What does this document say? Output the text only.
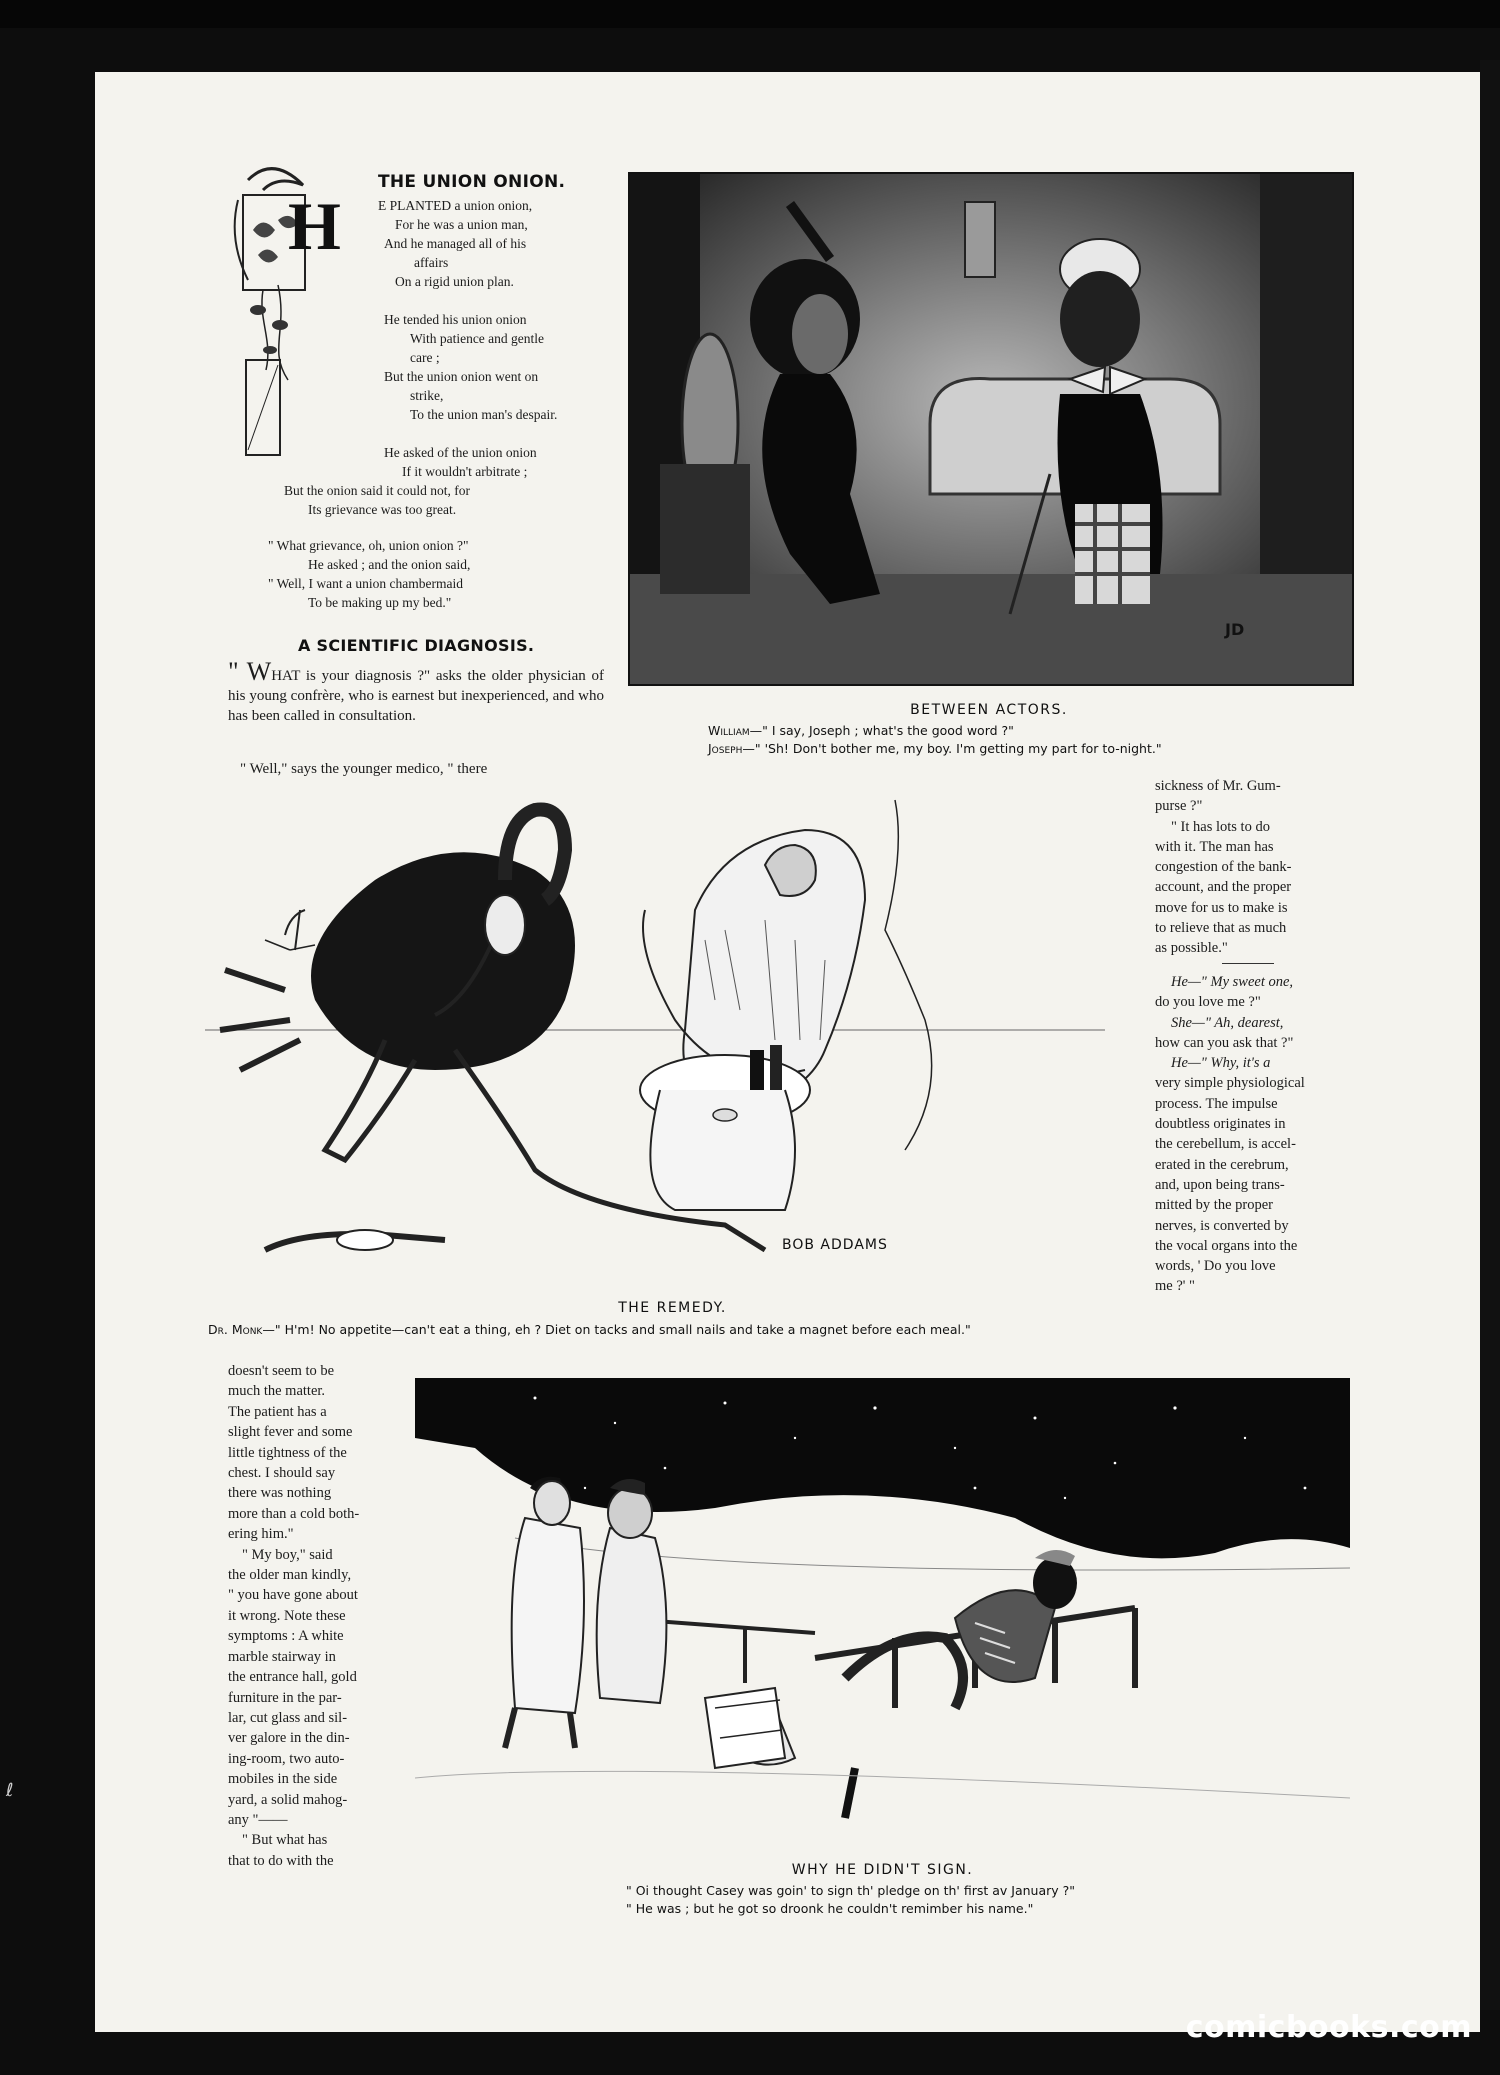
ℓ
H
THE UNION ONION.
E PLANTED a union onion,
For he was a union man,
And he managed all of his
affairs
On a rigid union plan.
He tended his union onion
With patience and gentle
care ;
But the union onion went on
strike,
To the union man's despair.
He asked of the union onion
If it wouldn't arbitrate ;
But the onion said it could not, for
Its grievance was too great.
" What grievance, oh, union onion ?"
He asked ; and the onion said,
" Well, I want a union chambermaid
To be making up my bed."
A SCIENTIFIC DIAGNOSIS.
" WHAT is your diagnosis ?" asks the older physician of his young confrère, who is earnest but inexperienced, and who has been called in consultation.
" Well," says the younger medico, " there
JD
BETWEEN ACTORS.
William—" I say, Joseph ; what's the good word ?"
Joseph—" 'Sh! Don't bother me, my boy. I'm getting my part for to-night."

sickness of Mr. Gum-

purse ?"

" It has lots to do

with it. The man has

congestion of the bank-

account, and the proper

move for us to make is

to relieve that as much

as possible."

He—" My sweet one,

do you love me ?"

She—" Ah, dearest,

how can you ask that ?"

He—" Why, it's a

very simple physiological

process. The impulse

doubtless originates in

the cerebellum, is accel-

erated in the cerebrum,

and, upon being trans-

mitted by the proper

nerves, is converted by

the vocal organs into the

words, ' Do you love

me ?' "

BOB ADDAMS
THE REMEDY.
Dr. Monk—" H'm! No appetite—can't eat a thing, eh ? Diet on tacks and small nails and take a magnet before each meal."

doesn't seem to be

much the matter.

The patient has a

slight fever and some

little tightness of the

chest. I should say

there was nothing

more than a cold both-

ering him."

" My boy," said

the older man kindly,

" you have gone about

it wrong. Note these

symptoms : A white

marble stairway in

the entrance hall, gold

furniture in the par-

lar, cut glass and sil-

ver galore in the din-

ing-room, two auto-

mobiles in the side

yard, a solid mahog-

any "——

" But what has

that to do with the

WHY HE DIDN'T SIGN.
" Oi thought Casey was goin' to sign th' pledge on th' first av January ?"
" He was ; but he got so droonk he couldn't remimber his name."
comicbooks.com
